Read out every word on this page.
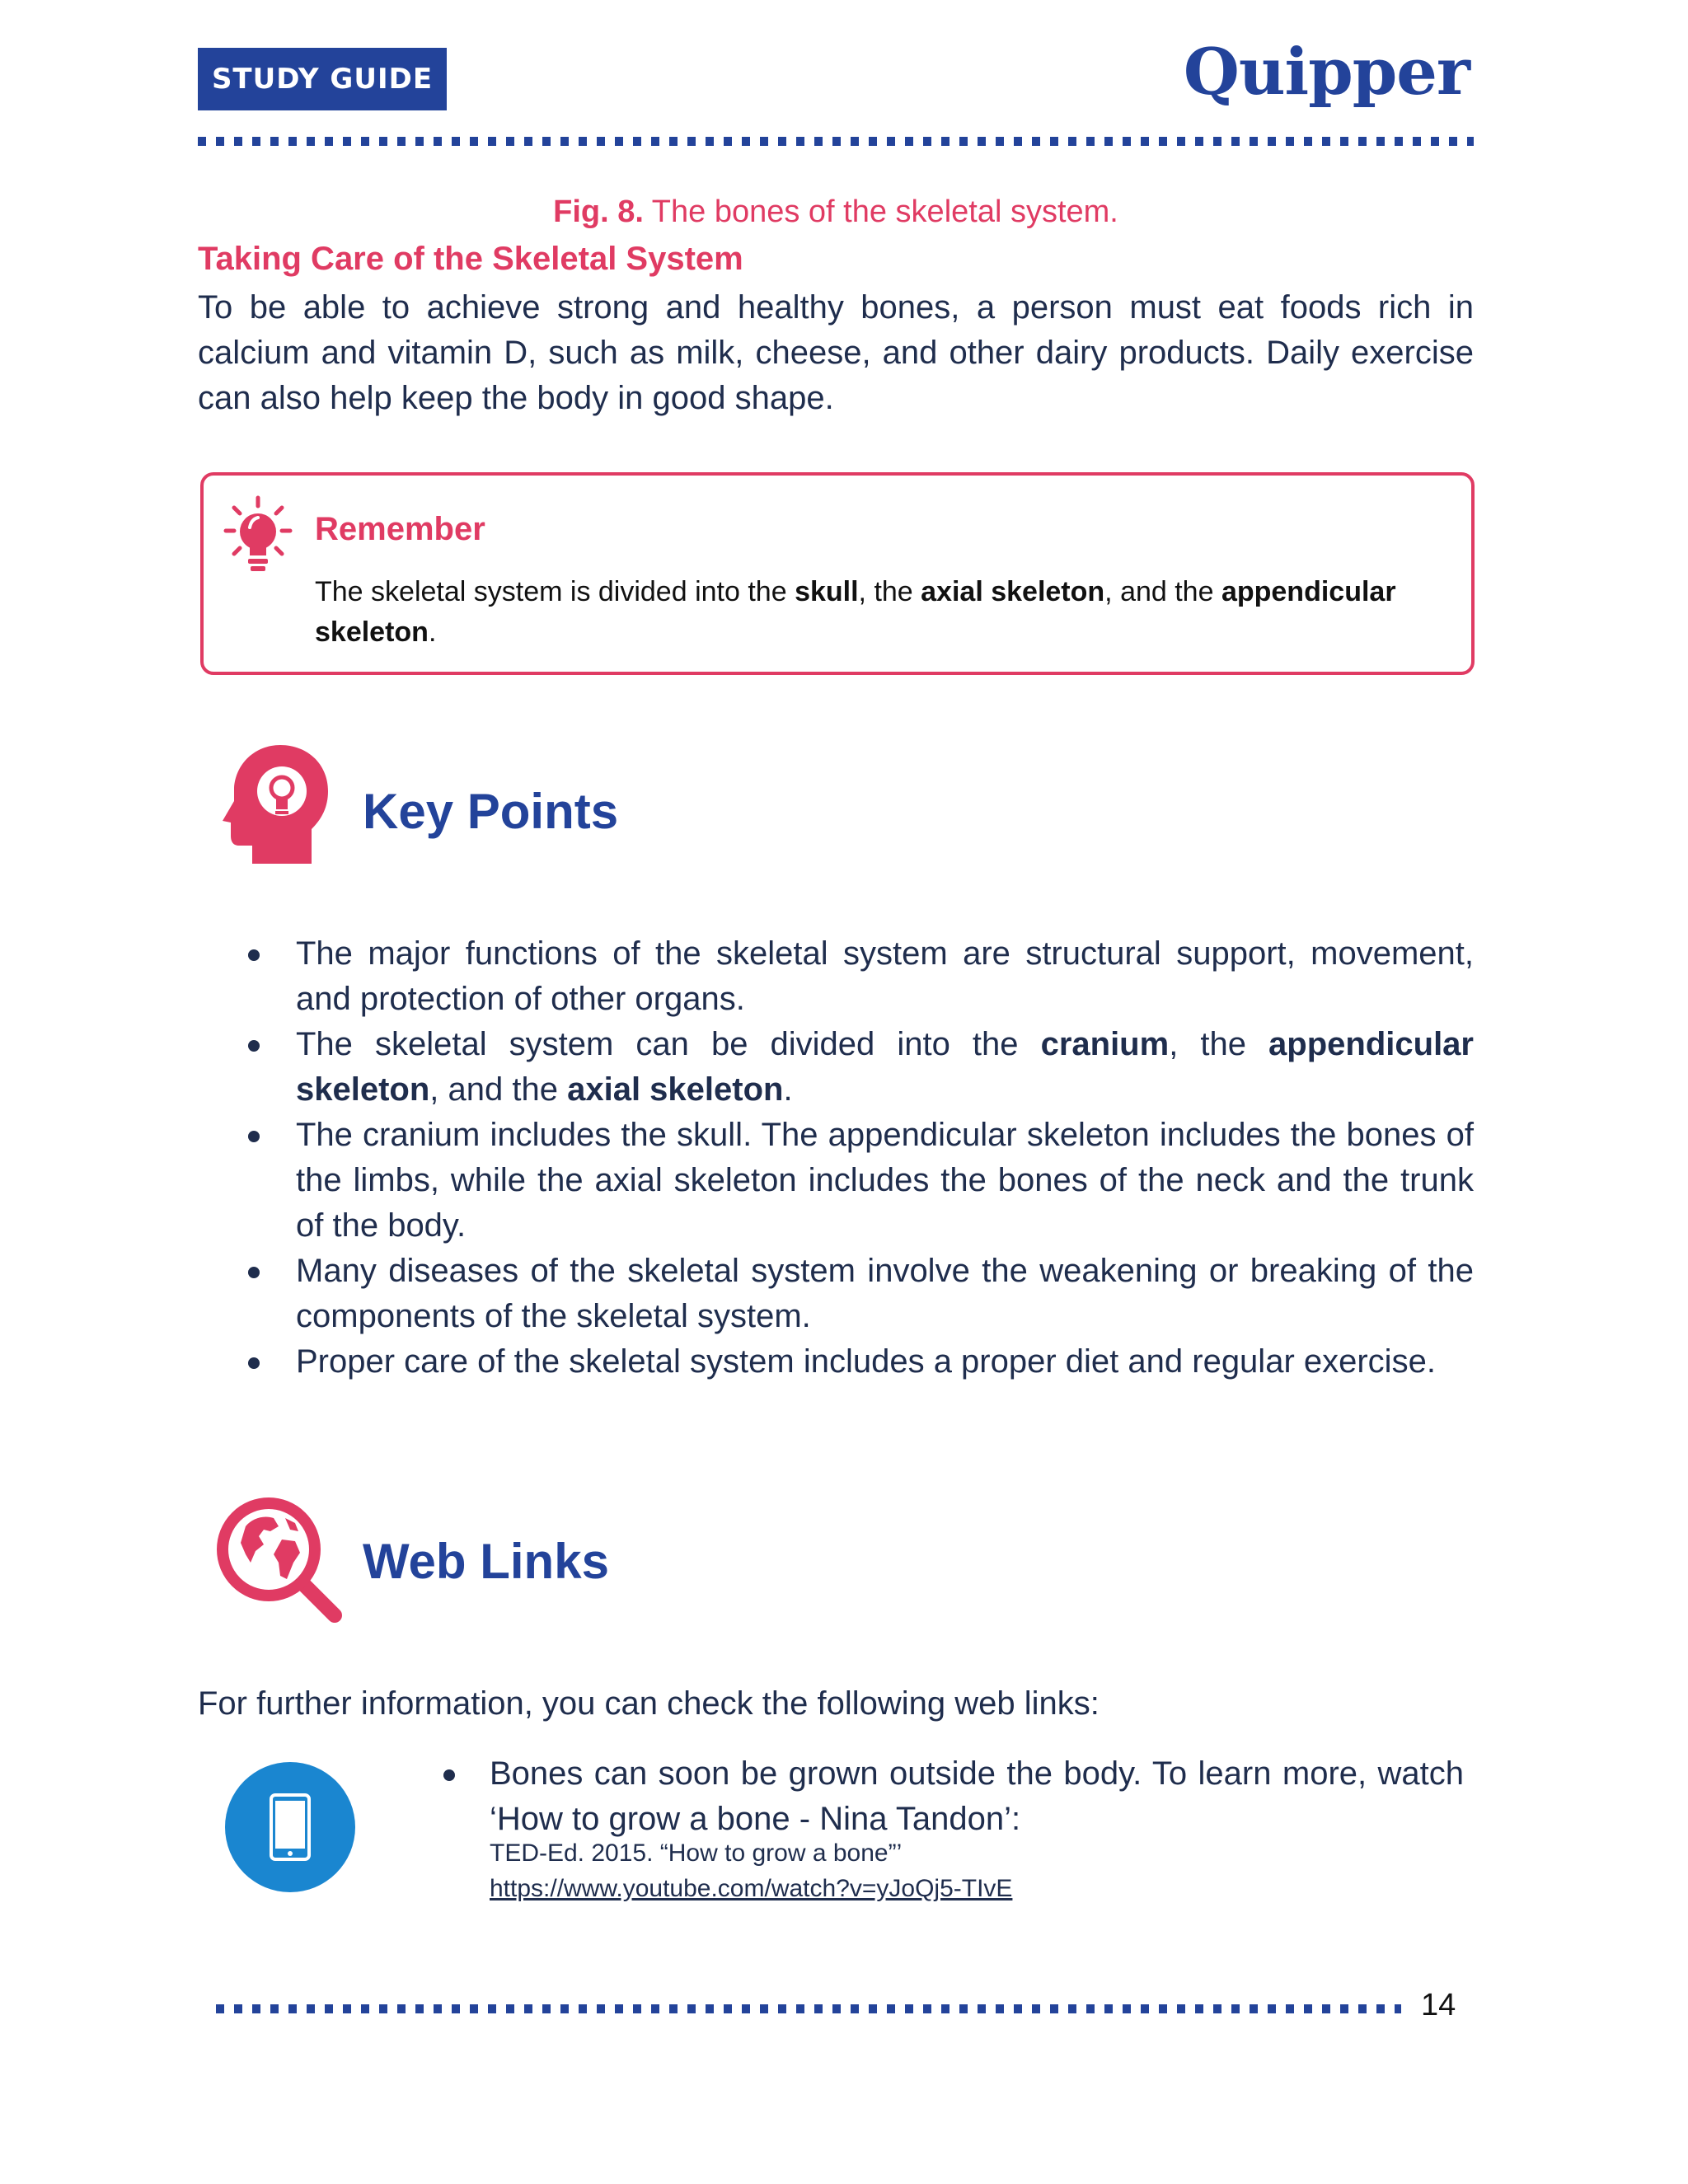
STUDY GUIDE	Quipper
Fig. 8. The bones of the skeletal system.
Taking Care of the Skeletal System
To be able to achieve strong and healthy bones, a person must eat foods rich in calcium and vitamin D, such as milk, cheese, and other dairy products. Daily exercise can also help keep the body in good shape.
Remember
The skeletal system is divided into the skull, the axial skeleton, and the appendicular skeleton.
Key Points
The major functions of the skeletal system are structural support, movement, and protection of other organs.
The skeletal system can be divided into the cranium, the appendicular skeleton, and the axial skeleton.
The cranium includes the skull. The appendicular skeleton includes the bones of the limbs, while the axial skeleton includes the bones of the neck and the trunk of the body.
Many diseases of the skeletal system involve the weakening or breaking of the components of the skeletal system.
Proper care of the skeletal system includes a proper diet and regular exercise.
Web Links
For further information, you can check the following web links:
Bones can soon be grown outside the body. To learn more, watch ‘How to grow a bone - Nina Tandon’:
TED-Ed. 2015. “How to grow a bone”’
https://www.youtube.com/watch?v=yJoQj5-TIvE
14
